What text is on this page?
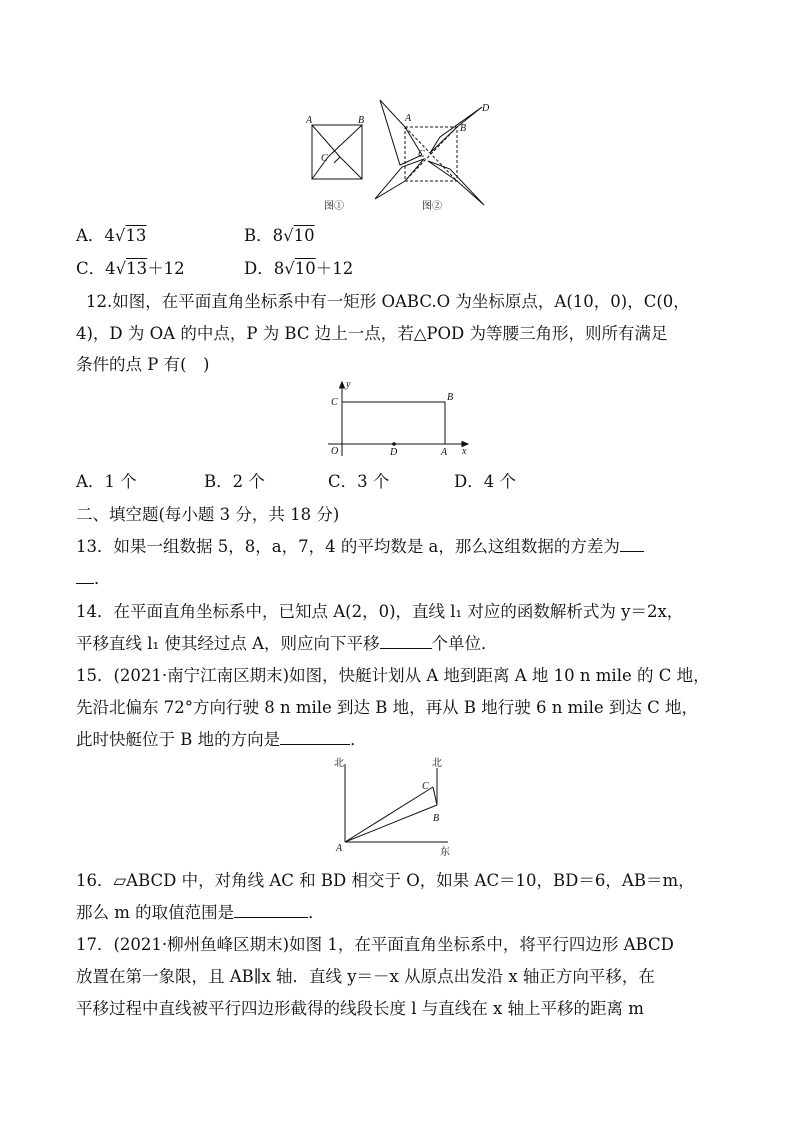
A	B
C
图①
A
B
C
D
图②
A．4√13	B．8√10
C．4√13＋12	D．8√10＋12
12.如图，在平面直角坐标系中有一矩形 OABC.O 为坐标原点，A(10，0)，C(0，
4)，D 为 OA 的中点，P 为 BC 边上一点，若△POD 为等腰三角形，则所有满足
条件的点 P 有(　)
O	A
D
B
C
x
y
A．1 个	B．2 个	C．3 个	D．4 个
二、填空题(每小题 3 分，共 18 分)
13．如果一组数据 5，8，a，7，4 的平均数是 a，那么这组数据的方差为
．
14．在平面直角坐标系中，已知点 A(2，0)，直线 l₁ 对应的函数解析式为 y＝2x，
平移直线 l₁ 使其经过点 A，则应向下平移	个单位．
15．(2021·南宁江南区期末)如图，快艇计划从 A 地到距离 A 地 10 n mile 的 C 地，
先沿北偏东 72°方向行驶 8 n mile 到达 B 地，再从 B 地行驶 6 n mile 到达 C 地，
此时快艇位于 B 地的方向是	．
北	北
东
A
B
C
16．▱ABCD 中，对角线 AC 和 BD 相交于 O，如果 AC＝10，BD＝6，AB＝m，
那么 m 的取值范围是	．
17．(2021·柳州鱼峰区期末)如图 1，在平面直角坐标系中，将平行四边形 ABCD
放置在第一象限，且 AB∥x 轴．直线 y＝－x 从原点出发沿 x 轴正方向平移，在
平移过程中直线被平行四边形截得的线段长度 l 与直线在 x 轴上平移的距离 m
